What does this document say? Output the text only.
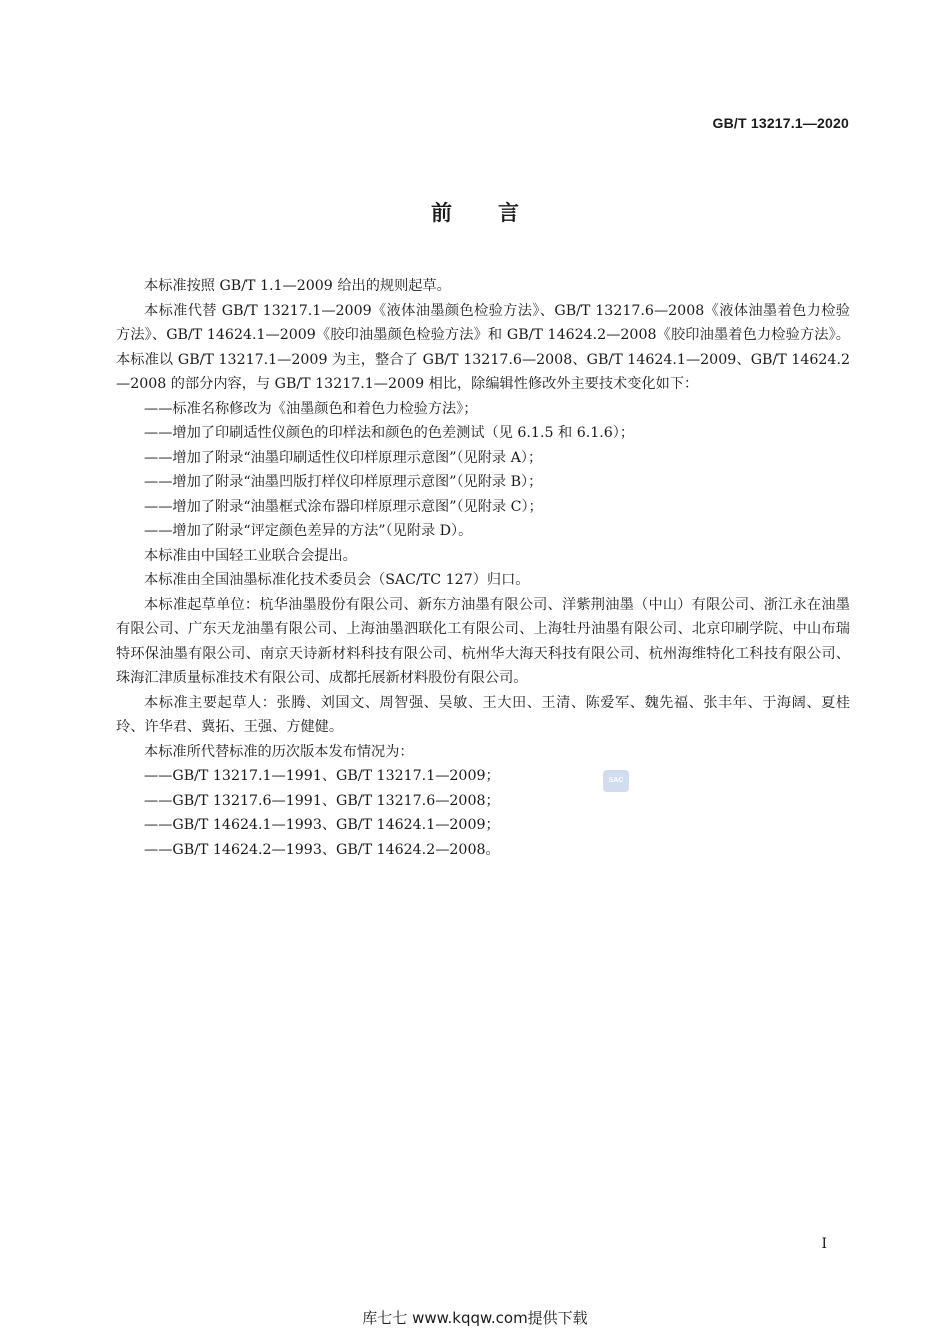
GB/T 13217.1—2020
前言

本标准按照 GB/T 1.1—2009 给出的规则起草。

本标准代替 GB/T 13217.1—2009《液体油墨颜色检验方法》、GB/T 13217.6—2008《液体油墨着色力检验方法》、GB/T 14624.1—2009《胶印油墨颜色检验方法》和 GB/T 14624.2—2008《胶印油墨着色力检验方法》。本标准以 GB/T 13217.1—2009 为主，整合了 GB/T 13217.6—2008、GB/T 14624.1—2009、GB/T 14624.2—2008 的部分内容，与 GB/T 13217.1—2009 相比，除编辑性修改外主要技术变化如下：

——标准名称修改为《油墨颜色和着色力检验方法》；

——增加了印刷适性仪颜色的印样法和颜色的色差测试（见 6.1.5 和 6.1.6）；

——增加了附录“油墨印刷适性仪印样原理示意图”（见附录 A）；

——增加了附录“油墨凹版打样仪印样原理示意图”（见附录 B）；

——增加了附录“油墨框式涂布器印样原理示意图”（见附录 C）；

——增加了附录“评定颜色差异的方法”（见附录 D）。

本标准由中国轻工业联合会提出。

本标准由全国油墨标准化技术委员会（SAC/TC 127）归口。

本标准起草单位：杭华油墨股份有限公司、新东方油墨有限公司、洋紫荆油墨（中山）有限公司、浙江永在油墨有限公司、广东天龙油墨有限公司、上海油墨泗联化工有限公司、上海牡丹油墨有限公司、北京印刷学院、中山布瑞特环保油墨有限公司、南京天诗新材料科技有限公司、杭州华大海天科技有限公司、杭州海维特化工科技有限公司、珠海汇津质量标准技术有限公司、成都托展新材料股份有限公司。

本标准主要起草人：张腾、刘国文、周智强、吴敏、王大田、王清、陈爱军、魏先福、张丰年、于海阔、夏桂玲、许华君、冀拓、王强、方健健。

本标准所代替标准的历次版本发布情况为：

——GB/T 13217.1—1991、GB/T 13217.1—2009；

——GB/T 13217.6—1991、GB/T 13217.6—2008；

——GB/T 14624.1—1993、GB/T 14624.1—2009；

——GB/T 14624.2—1993、GB/T 14624.2—2008。

SAC
I
库七七 www.kqqw.com提供下载
